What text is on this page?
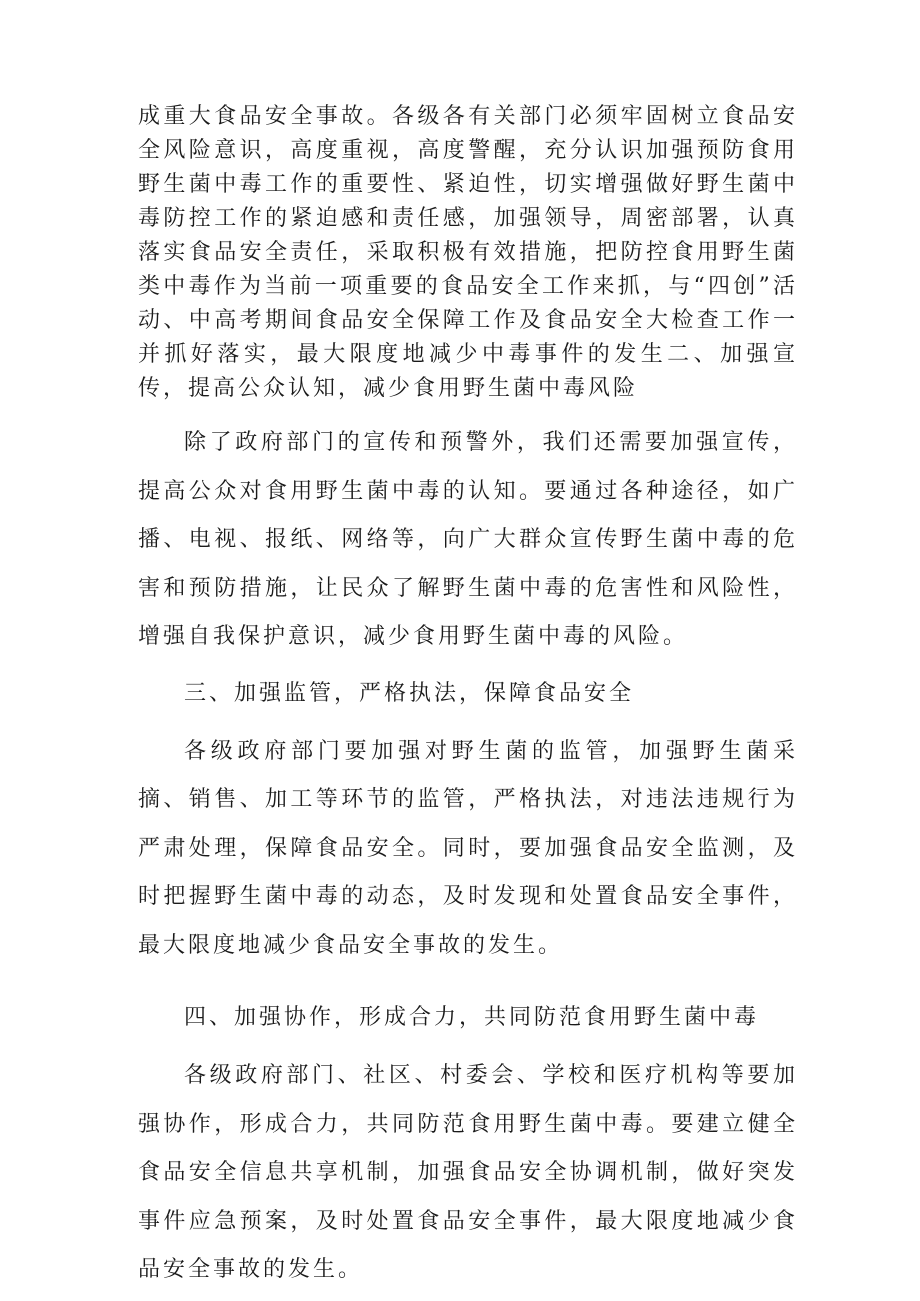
成重大食品安全事故。各级各有关部门必须牢固树立食品安全风险意识，高度重视，高度警醒，充分认识加强预防食用野生菌中毒工作的重要性、紧迫性，切实增强做好野生菌中毒防控工作的紧迫感和责任感，加强领导，周密部署，认真落实食品安全责任，采取积极有效措施，把防控食用野生菌类中毒作为当前一项重要的食品安全工作来抓，与“四创”活动、中高考期间食品安全保障工作及食品安全大检查工作一并抓好落实，最大限度地减少中毒事件的发生二、加强宣传，提高公众认知，减少食用野生菌中毒风险

除了政府部门的宣传和预警外，我们还需要加强宣传，提高公众对食用野生菌中毒的认知。要通过各种途径，如广播、电视、报纸、网络等，向广大群众宣传野生菌中毒的危害和预防措施，让民众了解野生菌中毒的危害性和风险性，增强自我保护意识，减少食用野生菌中毒的风险。

三、加强监管，严格执法，保障食品安全

各级政府部门要加强对野生菌的监管，加强野生菌采摘、销售、加工等环节的监管，严格执法，对违法违规行为严肃处理，保障食品安全。同时，要加强食品安全监测，及时把握野生菌中毒的动态，及时发现和处置食品安全事件，最大限度地减少食品安全事故的发生。

四、加强协作，形成合力，共同防范食用野生菌中毒

各级政府部门、社区、村委会、学校和医疗机构等要加强协作，形成合力，共同防范食用野生菌中毒。要建立健全食品安全信息共享机制，加强食品安全协调机制，做好突发事件应急预案，及时处置食品安全事件，最大限度地减少食品安全事故的发生。
